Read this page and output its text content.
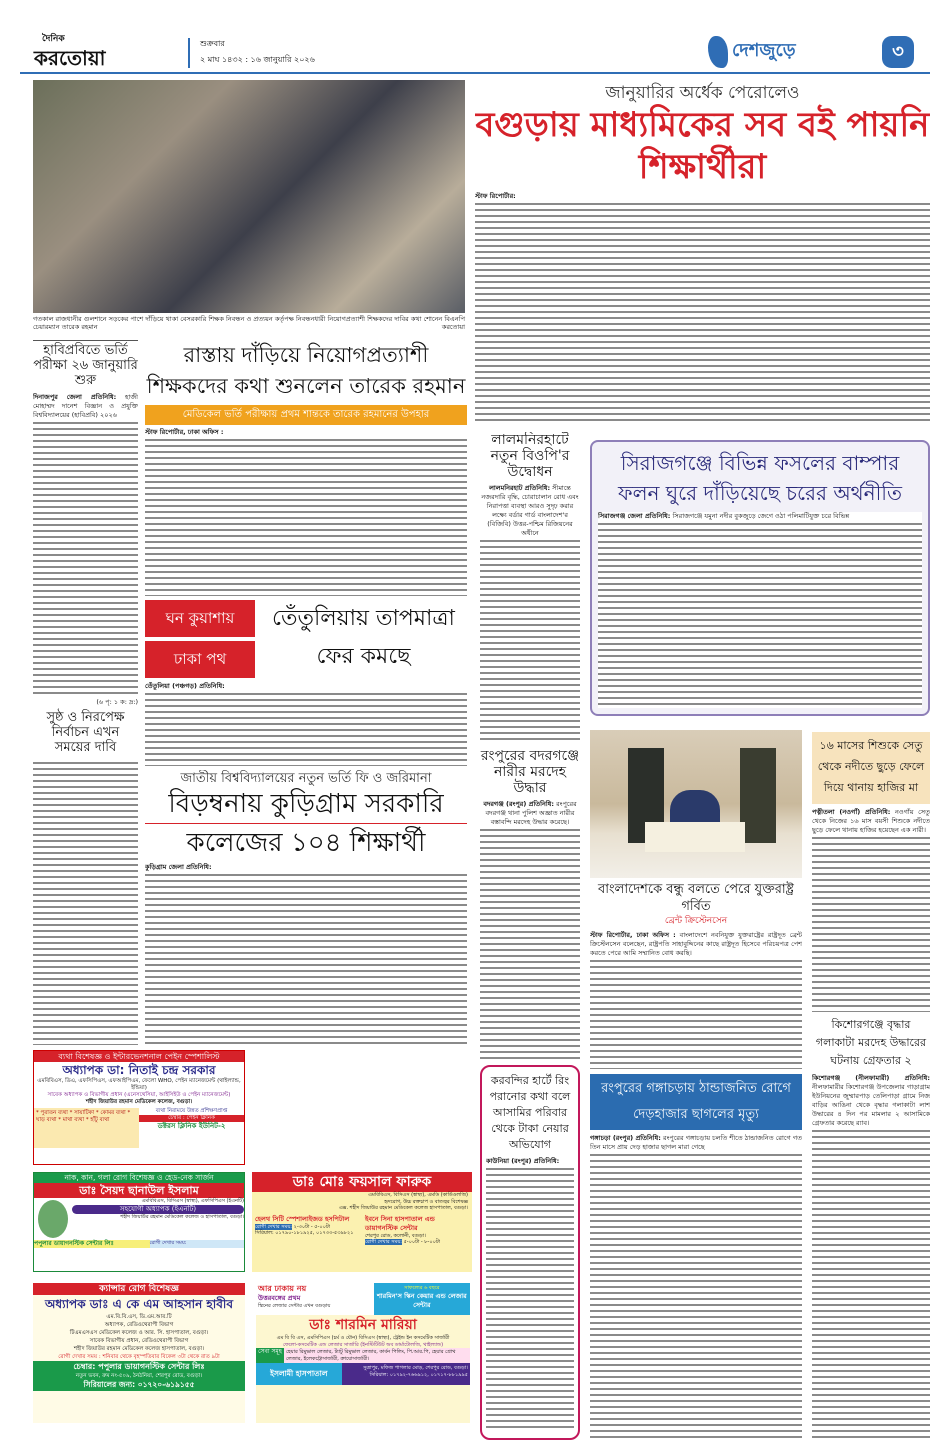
দৈনিক
করতোয়া
শুক্রবার
২ মাঘ ১৪৩২ : ১৬ জানুয়ারি ২০২৬	দেশজুড়ে	৩
গতকাল রাজধানীর গুলশানে সড়কের পাশে দাঁড়িয়ে থাকা বেসরকারি শিক্ষক নিবন্ধন ও প্রত্যয়ন কর্তৃপক্ষ নিবন্ধনধারী নিয়োগপ্রত্যাশী শিক্ষকদের দাবির কথা শোনেন বিএনপি চেয়ারম্যান তারেক রহমান	করতোয়া
জানুয়ারির অর্ধেক পেরোলেও
বগুড়ায় মাধ্যমিকের সব বই পায়নি শিক্ষার্থীরা
স্টাফ রিপোর্টার:
হাবিপ্রবিতে ভর্তি পরীক্ষা ২৬ জানুয়ারি শুরু
দিনাজপুর জেলা প্রতিনিধি: হাজী মোহাম্মদ দানেশ বিজ্ঞান ও প্রযুক্তি বিশ্ববিদ্যালয়ের (হাবিপ্রবি) ২০২৬
(৬ পৃ: ১ ক: দ্র:)
সুষ্ঠ ও নিরপেক্ষ নির্বাচন এখন সময়ের দাবি
রাস্তায় দাঁড়িয়ে নিয়োগপ্রত্যাশী শিক্ষকদের কথা শুনলেন তারেক রহমান
মেডিকেল ভর্তি পরীক্ষায় প্রথম শান্তকে তারেক রহমানের উপহার
স্টাফ রিপোর্টার, ঢাকা অফিস :
ঘন কুয়াশায়
ঢাকা পথ
তেঁতুলিয়ায় তাপমাত্রা ফের কমছে
তেঁতুলিয়া (পঞ্চগড়) প্রতিনিধি:
জাতীয় বিশ্ববিদ্যালয়ের নতুন ভর্তি ফি ও জরিমানা
বিড়ম্বনায় কুড়িগ্রাম সরকারি
কলেজের ১০৪ শিক্ষার্থী
কুড়িগ্রাম জেলা প্রতিনিধি:
লালমনিরহাটে নতুন বিওপি'র উদ্বোধন
লালমনিরহাট প্রতিনিধি: সীমান্তে নজরদারি বৃদ্ধি, চোরাচালান রোধ এবং নিরাপত্তা ব্যবস্থা আরও সুদৃঢ় করার লক্ষ্যে বর্ডার গার্ড বাংলাদেশ'র (বিজিবি) উত্তর-পশ্চিম রিজিয়নের অধীনে
রংপুরের বদরগঞ্জে নারীর মরদেহ উদ্ধার
বদরগঞ্জ (রংপুর) প্রতিনিধি: রংপুরের বদরগঞ্জ থানা পুলিশ অজ্ঞাত নারীর বস্তাবন্দি মরদেহ উদ্ধার করেছে।
করবন্দির হার্টে রিং পরানোর কথা বলে আসামির পরিবার থেকে টাকা নেয়ার অভিযোগ
কাউনিয়া (রংপুর) প্রতিনিধি:
সিরাজগঞ্জে বিভিন্ন ফসলের বাম্পার ফলন ঘুরে দাঁড়িয়েছে চরের অর্থনীতি
সিরাজগঞ্জ জেলা প্রতিনিধি: সিরাজগঞ্জে যমুনা নদীর বুকজুড়ে জেগে ওঠা পলিমাটিযুক্ত চরে বিভিন্ন
বাংলাদেশকে বন্ধু বলতে পেরে যুক্তরাষ্ট্র গর্বিত
ব্রেন্ট ক্রিস্টেনসেন
স্টাফ রিপোর্টার, ঢাকা অফিস : বাংলাদেশে নবনিযুক্ত যুক্তরাষ্ট্রের রাষ্ট্রদূত ব্রেন্ট ক্রিস্টেনসেন বলেছেন, রাষ্ট্রপতি সাহাবুদ্দিনের কাছে রাষ্ট্রদূত হিসেবে পরিচয়পত্র পেশ করতে পেরে আমি সম্মানিত বোধ করছি।
রংপুরের গঙ্গাচড়ায় ঠান্ডাজনিত রোগে দেড়হাজার ছাগলের মৃত্যু
গঙ্গাচড়া (রংপুর) প্রতিনিধি: রংপুরের গঙ্গাচড়ায় চলতি শীতে ঠান্ডাজনিত রোগে গত তিন মাসে প্রায় দেড় হাজার ছাগল মারা গেছে
১৬ মাসের শিশুকে সেতু থেকে নদীতে ছুড়ে ফেলে দিয়ে থানায় হাজির মা
পত্নীতলা (নওগাঁ) প্রতিনিধি: নওগাঁয় সেতু থেকে নিজের ১৬ মাস বয়সী শিশুকে নদীতে ছুড়ে ফেলে থানায় হাজির হয়েছেন এক নারী।
কিশোরগঞ্জে বৃদ্ধার গলাকাটা মরদেহ উদ্ধারের ঘটনায় গ্রেফতার ২
কিশোরগঞ্জ (নীলফামারী) প্রতিনিধি: নীলফামারীর কিশোরগঞ্জ উপজেলার গাড়াগ্রাম ইউনিয়নের জুম্মারপাড় তেলিপাড়া গ্রামে নিজ বাড়ির আঙিনা থেকে বৃদ্ধার গলাকাটা লাশ উদ্ধারের ৪ দিন পর মামলার ২ আসামিকে গ্রেফতার করেছে র‌্যাব।
ব্যথা বিশেষজ্ঞ ও ইন্টারভেনশনাল পেইন স্পেশালিস্ট
অধ্যাপক ডা: নিতাই চন্দ্র সরকার
এমবিবিএস, ডিএ, এফসিপিএস, এফআইপিএম, ফেলো WHO, পেইন ম্যানেজমেন্ট (থাইল্যান্ড, ইন্ডিয়া)
সাবেক অধ্যাপক ও বিভাগীয় প্রধান (এনেসথেসিয়া, আইসিইউ ও পেইন ম্যানেজমেন্ট)
শহীদ জিয়াউর রহমান মেডিকেল কলেজ, বগুড়া।
* পুরাতন ব্যথা * সায়াটিকা * কোমর ব্যথা * ঘাড় ব্যথা * মাথা ব্যথা * হাঁটু ব্যথা
ব্যথা নিরাময়ে উন্নত প্রশিক্ষণপ্রাপ্ত
চেম্বার : পেইন ক্লিনিক
ডক্টরস ক্লিনিক ইউনিট-২
নাক, কান, গলা রোগ বিশেষজ্ঞ ও হেড-নেক সার্জন
ডাঃ সৈয়দ ছানাউল ইসলাম
এমবিবিএস, বিসিএস (স্বাস্থ্য), এফসিপিএস (ইএনটি)
সহযোগী অধ্যাপক (ইএনটি)
শহীদ জিয়াউর রহমান মেডিকেল কলেজ ও হাসপাতাল, বগুড়া।
পপুলার ডায়াগনস্টিক সেন্টার লিঃ	রোগী দেখার সময়:
ডাঃ মোঃ ফয়সাল ফারুক
এমবিবিএস, বিসিএস (স্বাস্থ্য), এমডি (কার্ডিওলজি)
হৃদরোগ, উচ্চ রক্তচাপ ও বাতজ্বর বিশেষজ্ঞ
এক্স. শহীদ জিয়াউর রহমান মেডিকেল কলেজ হাসপাতাল, বগুড়া।
হেলথ সিটি স্পেশালাইজড হসপিটাল
রোগী দেখার সময়: ২-৩০টা - ৫-০০টা
সিরিয়াল: ০১৭৯০-১৮১৯২৫, ০১৭৩৩-৫৩৯৮২১
ইবনে সিনা হাসপাতাল এন্ড ডায়াগনস্টিক সেন্টার
শেরপুর রোড, কলোনী, বগুড়া।
রোগী দেখার সময়: ৫-০০টা - ৮-০০টা
ক্যান্সার রোগ বিশেষজ্ঞ
অধ্যাপক ডাঃ এ কে এম আহসান হাবীব
এম.বি.বি.এস, ডি.এম.আর.টি
অধ্যাপক, রেডিওথেরাপী বিভাগ
টিএমএসএস মেডিকেল কলেজ ও আর. সি. হাসপাতাল, বগুড়া।
সাবেক বিভাগীয় প্রধান, রেডিওথেরাপী বিভাগ
শহীদ জিয়াউর রহমান মেডিকেল কলেজ হাসপাতাল, বগুড়া।
রোগী দেখার সময় : শনিবার থেকে বৃহস্পতিবার বিকেল ৩টা থেকে রাত ৯টা
চেম্বার: পপুলার ডায়াগনস্টিক সেন্টার লিঃ
নতুন ভবন, রুম নং-৫০৯, ঠনঠনিয়া, শেরপুর রোড, বগুড়া।
সিরিয়ালের জন্য: ০১৭২০-৬১৯১৫৫
আর ঢাকায় নয়
উত্তরবঙ্গের প্রথম
স্কিনের লেজার সেন্টার এখন বগুড়ায়
সাফল্যের ৬ বছরে
শারমিন'স স্কিন কেয়ার এন্ড লেজার সেন্টার
ডাঃ শারমিন মারিয়া
এম বি বি এস, এমসিপিএস (চর্ম ও যৌন) বিসিএস (স্বাস্থ্য), ট্রেইন্ড ইন কসমেটিক সার্জারী
ফেলো-কসমেটিক এন্ড লেজার সার্জারি (ইনস্টিটিউট অব ডার্মাটোলজি, থাইল্যান্ড)
সেবা সমূহ হেয়ার রিমুভাল লেজার, ট্যাটু রিমুভাল লেজার, কার্বন পিলিং, পি.আর.পি, হেয়ার গ্রোথ লেজার, ইলেকট্রোসার্জারী, ক্রায়োসার্জারী।
ইসলামী হাসপাতাল
সুত্রাপুর, মফিজ পাগলার মোড়, শেরপুর রোড, বগুড়া।
সিরিয়াল: ০১৭৯২-৭৬৬৯১২, ০১৭১৭-৮৮১৯৯৫
